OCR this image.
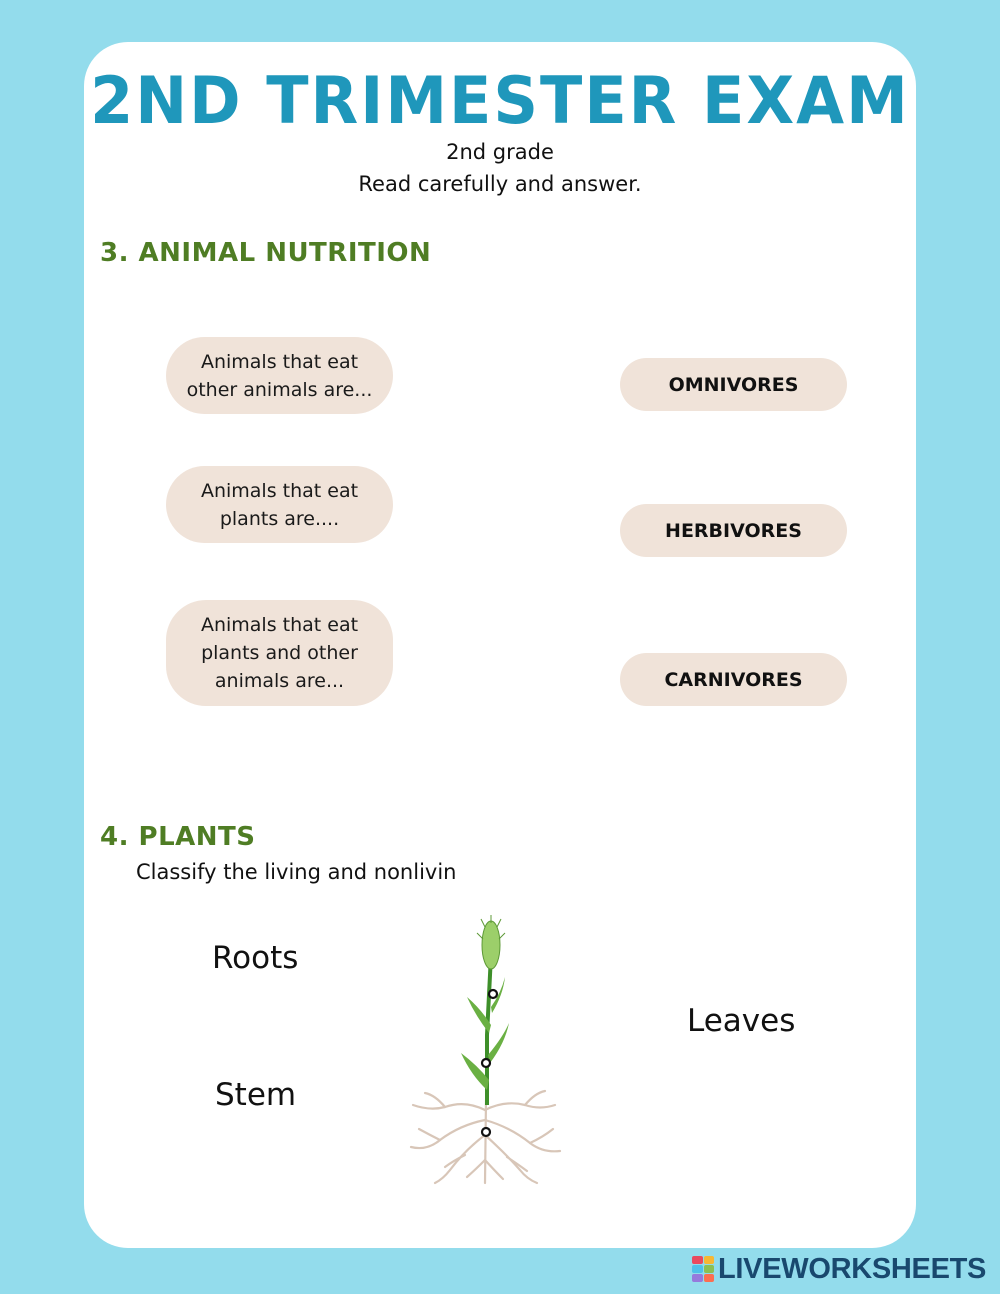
2ND TRIMESTER EXAM
2nd grade
Read carefully and answer.
3. ANIMAL NUTRITION
Animals that eat other animals are...
Animals that eat plants are....
Animals that eat plants and other animals are...
OMNIVORES
HERBIVORES
CARNIVORES
4. PLANTS
Classify the living and nonlivin
Roots
Stem
Leaves
LIVEWORKSHEETS
